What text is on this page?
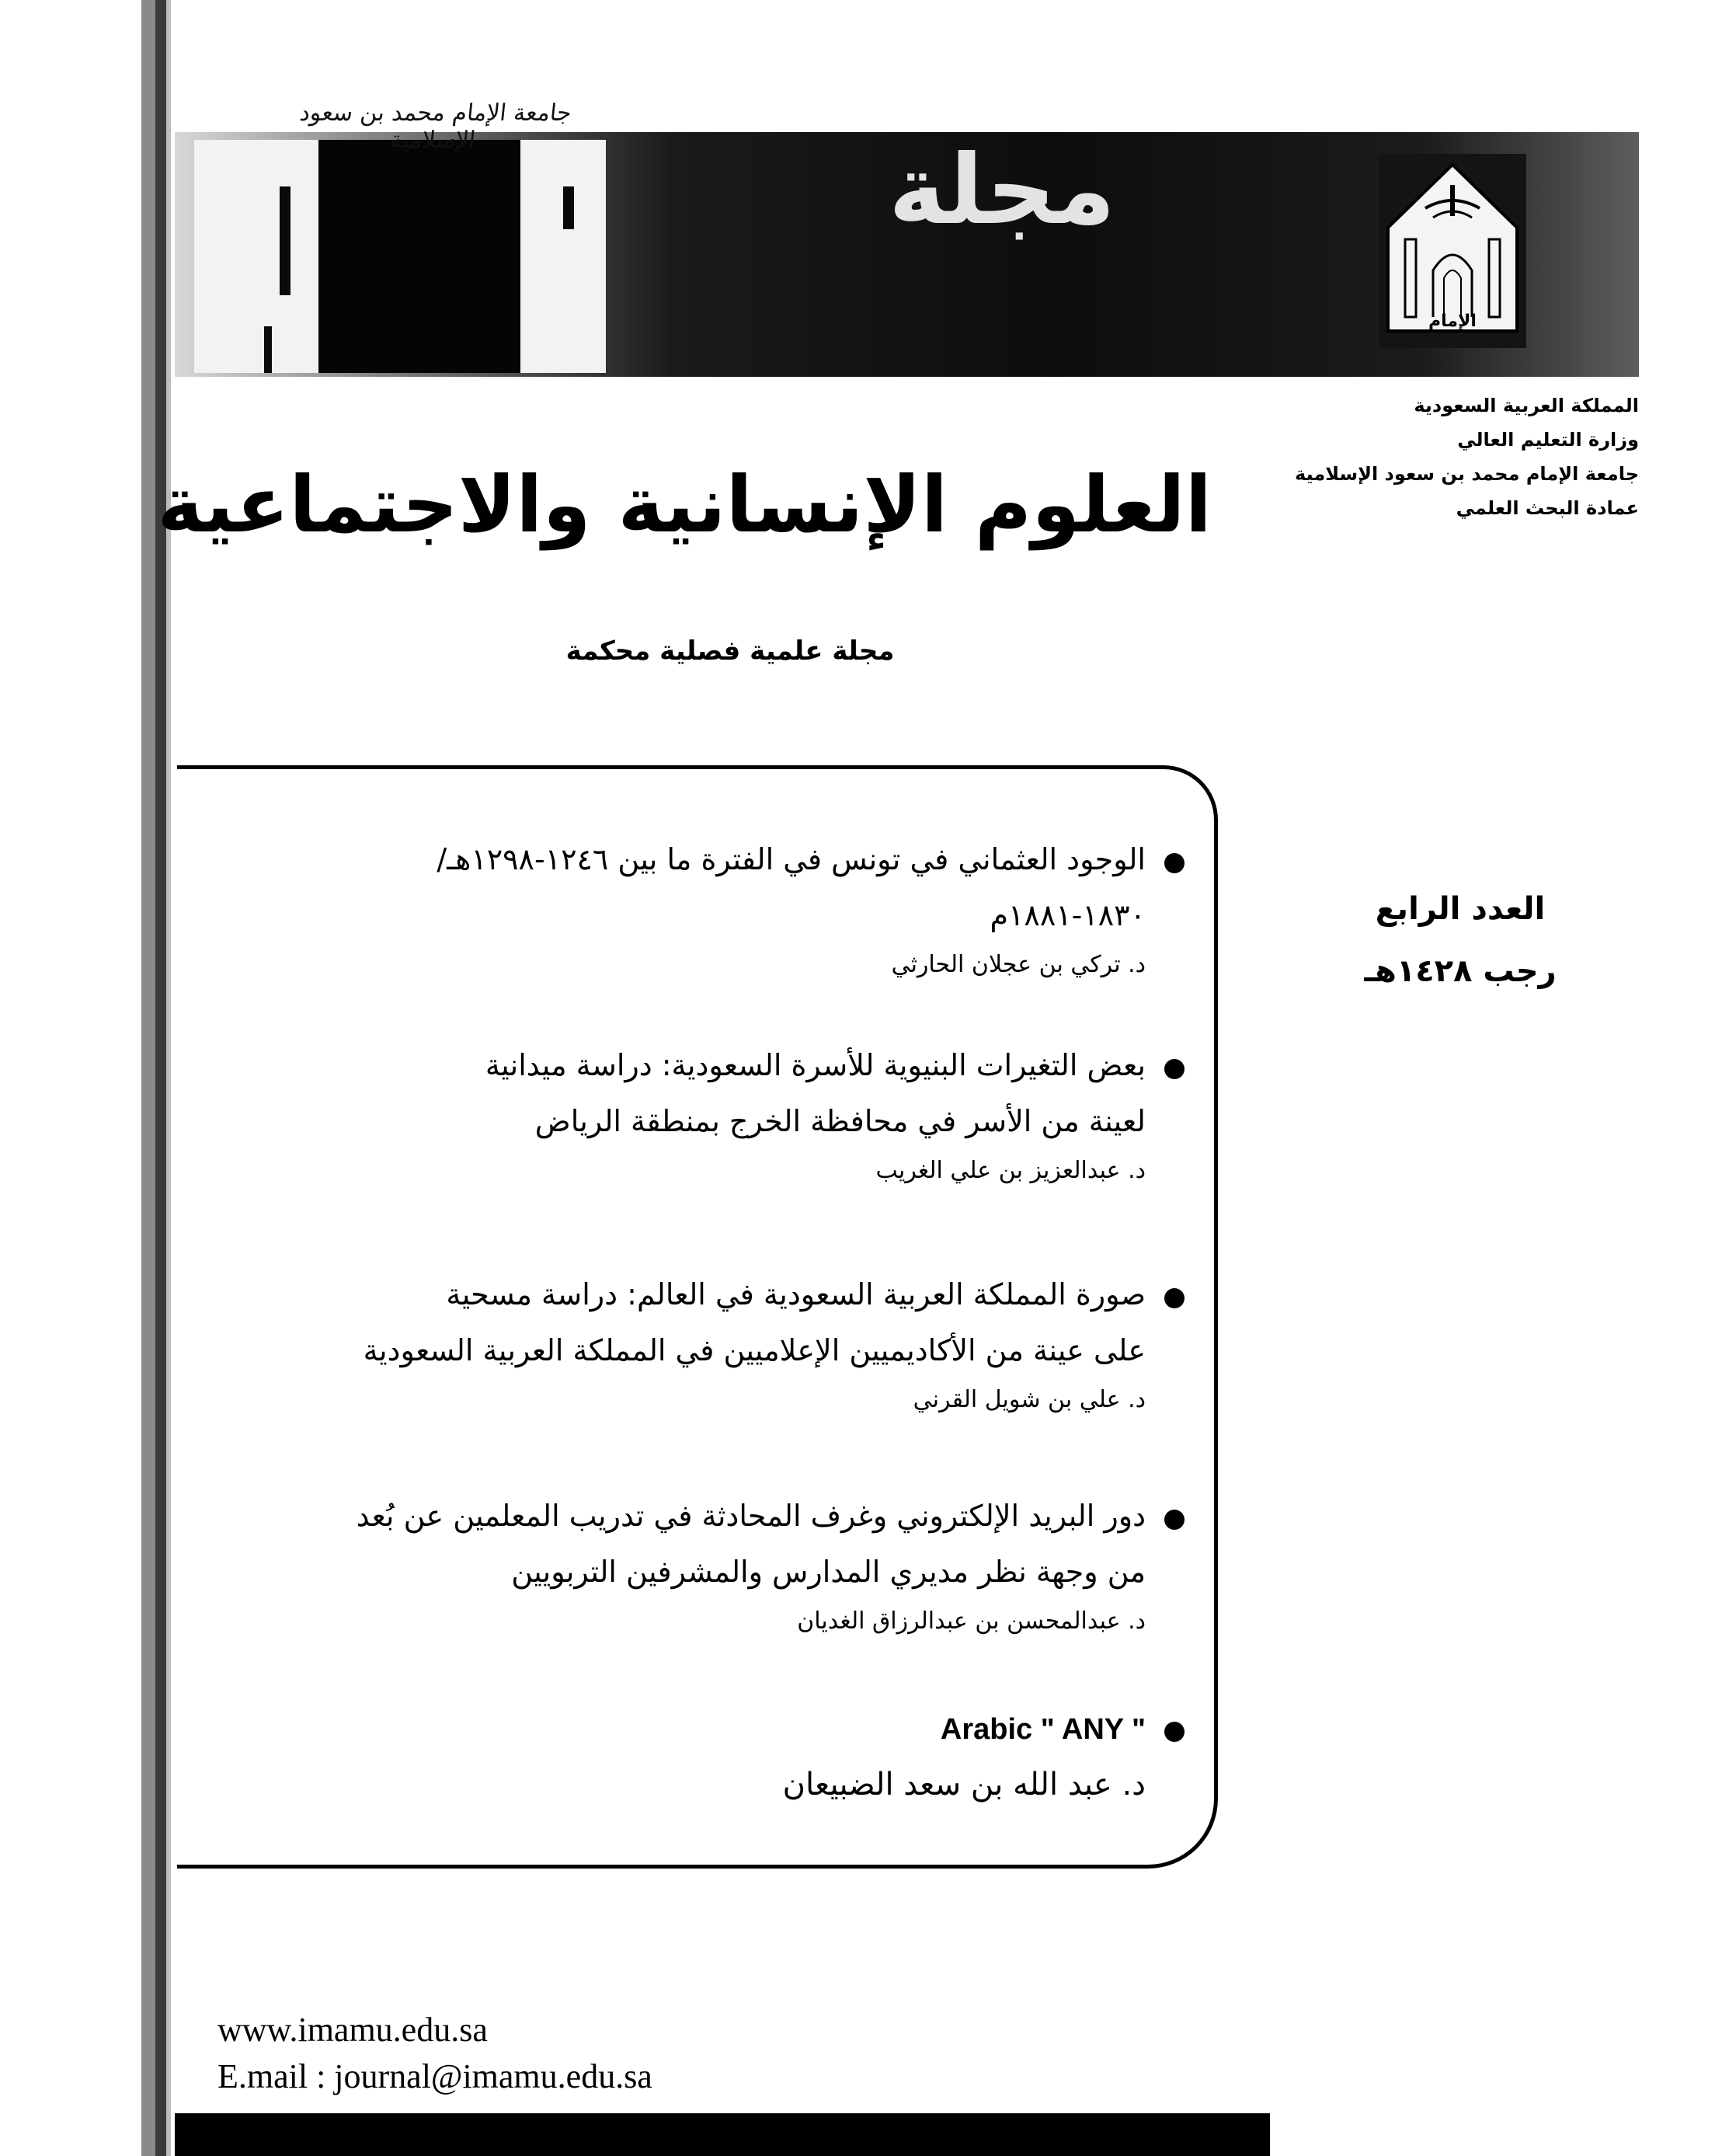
جامعة الإمام محمد بن سعود الإسلامية	مجلة
الإمام
المملكة العربية السعودية
وزارة التعليم العالي
جامعة الإمام محمد بن سعود الإسلامية
عمادة البحث العلمي
العلوم الإنسانية والاجتماعية
مجلة علمية فصلية محكمة
العدد الرابع
رجب ١٤٢٨هـ
الوجود العثماني في تونس في الفترة ما بين ١٢٤٦-١٢٩٨هـ/
١٨٣٠-١٨٨١م
د. تركي بن عجلان الحارثي
بعض التغيرات البنيوية للأسرة السعودية: دراسة ميدانية
لعينة من الأسر في محافظة الخرج بمنطقة الرياض
د. عبدالعزيز بن علي الغريب
صورة المملكة العربية السعودية في العالم: دراسة مسحية
على عينة من الأكاديميين الإعلاميين في المملكة العربية السعودية
د. علي بن شويل القرني
دور البريد الإلكتروني وغرف المحادثة في تدريب المعلمين عن بُعد
من وجهة نظر مديري المدارس والمشرفين التربويين
د. عبدالمحسن بن عبدالرزاق الغديان
Arabic " ANY "
د. عبد الله بن سعد الضبيعان
www.imamu.edu.sa
E.mail : journal@imamu.edu.sa
